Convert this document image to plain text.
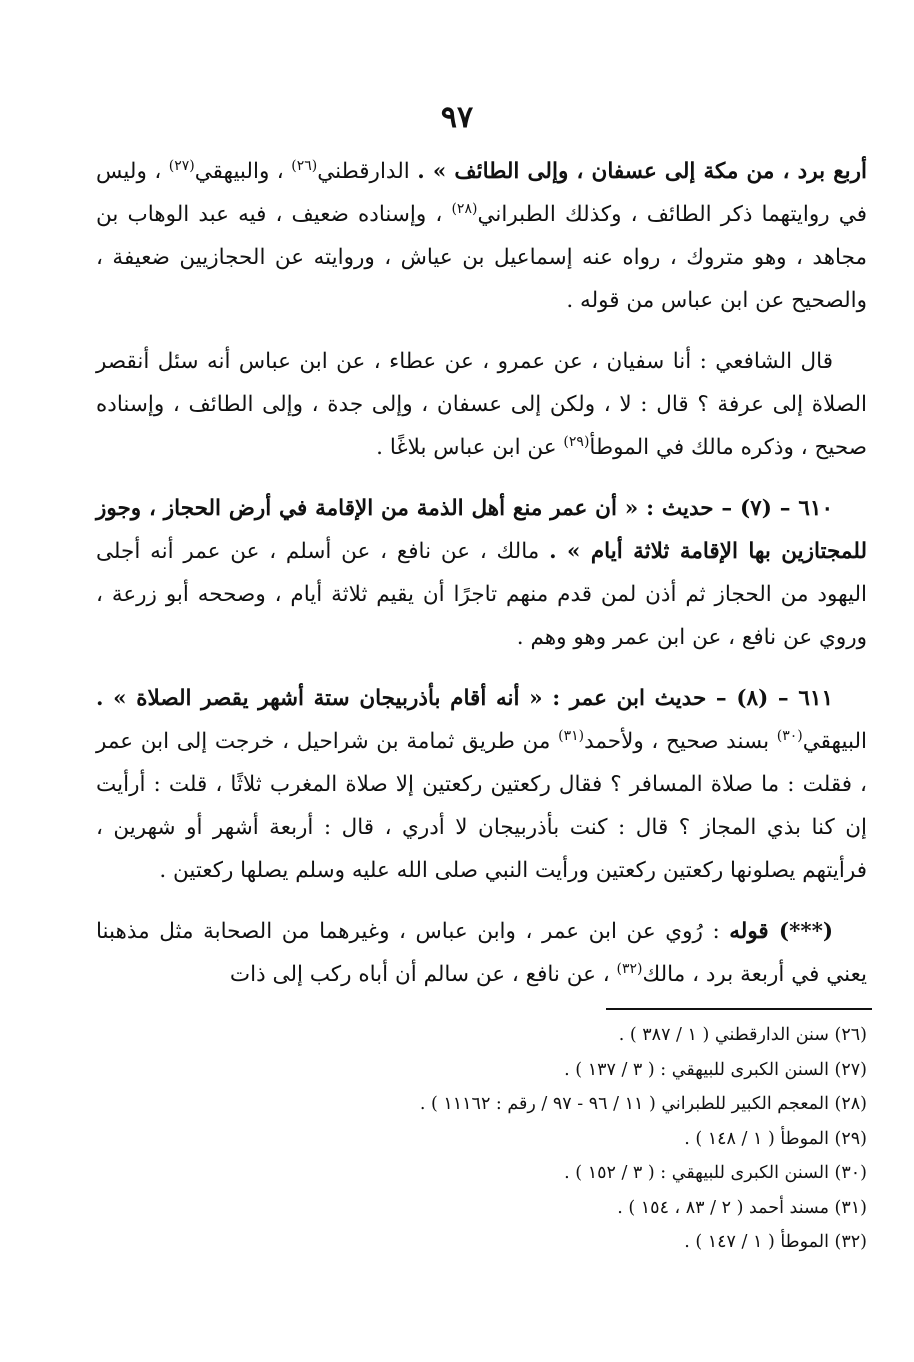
٩٧

أربع برد ، من مكة إلى عسفان ، وإلى الطائف » . الدارقطني$^{(٢٦)}$ ، والبيهقي$^{(٢٧)}$ ، وليس في روايتهما ذكر الطائف ، وكذلك الطبراني$^{(٢٨)}$ ، وإسناده ضعيف ، فيه عبد الوهاب بن مجاهد ، وهو متروك ، رواه عنه إسماعيل بن عياش ، وروايته عن الحجازيين ضعيفة ، والصحيح عن ابن عباس من قوله .

قال الشافعي : أنا سفيان ، عن عمرو ، عن عطاء ، عن ابن عباس أنه سئل أنقصر الصلاة إلى عرفة ؟ قال : لا ، ولكن إلى عسفان ، وإلى جدة ، وإلى الطائف ، وإسناده صحيح ، وذكره مالك في الموطأ$^{(٢٩)}$ عن ابن عباس بلاغًا .

٦١٠ – (٧) – حديث : « أن عمر منع أهل الذمة من الإقامة في أرض الحجاز ، وجوز للمجتازين بها الإقامة ثلاثة أيام » . مالك ، عن نافع ، عن أسلم ، عن عمر أنه أجلى اليهود من الحجاز ثم أذن لمن قدم منهم تاجرًا أن يقيم ثلاثة أيام ، وصححه أبو زرعة ، وروي عن نافع ، عن ابن عمر وهو وهم .

٦١١ – (٨) – حديث ابن عمر : « أنه أقام بأذربيجان ستة أشهر يقصر الصلاة » . البيهقي$^{(٣٠)}$ بسند صحيح ، ولأحمد$^{(٣١)}$ من طريق ثمامة بن شراحيل ، خرجت إلى ابن عمر ، فقلت : ما صلاة المسافر ؟ فقال ركعتين ركعتين إلا صلاة المغرب ثلاثًا ، قلت : أرأيت إن كنا بذي المجاز ؟ قال : كنت بأذربيجان لا أدري ، قال : أربعة أشهر أو شهرين ، فرأيتهم يصلونها ركعتين ركعتين ورأيت النبي صلى الله عليه وسلم يصلها ركعتين .

(***) قوله : رُوي عن ابن عمر ، وابن عباس ، وغيرهما من الصحابة مثل مذهبنا يعني في أربعة برد ، مالك$^{(٣٢)}$ ، عن نافع ، عن سالم أن أباه ركب إلى ذات

(٢٦) سنن الدارقطني ( ١ / ٣٨٧ ) .
(٢٧) السنن الكبرى للبيهقي : ( ٣ / ١٣٧ ) .
(٢٨) المعجم الكبير للطبراني ( ١١ / ٩٦ - ٩٧ / رقم : ١١١٦٢ ) .
(٢٩) الموطأ ( ١ / ١٤٨ ) .
(٣٠) السنن الكبرى للبيهقي : ( ٣ / ١٥٢ ) .
(٣١) مسند أحمد ( ٢ / ٨٣ ، ١٥٤ ) .
(٣٢) الموطأ ( ١ / ١٤٧ ) .
